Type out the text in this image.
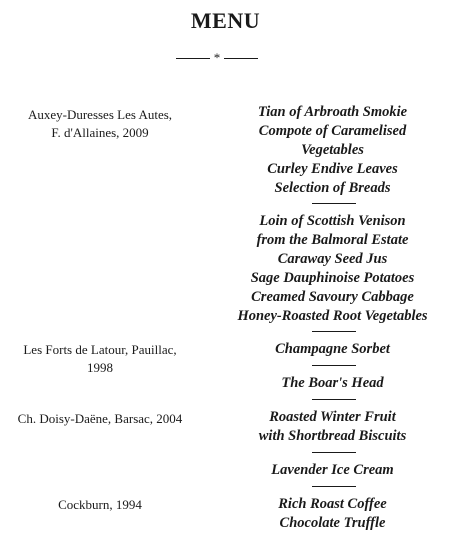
MENU
*
Auxey-Duresses Les Autes,
F. d'Allaines, 2009
Les Forts de Latour, Pauillac,
1998
Ch. Doisy-Daëne, Barsac, 2004
Cockburn, 1994
Tian of Arbroath Smokie
Compote of Caramelised
Vegetables
Curley Endive Leaves
Selection of Breads
Loin of Scottish Venison
from the Balmoral Estate
Caraway Seed Jus
Sage Dauphinoise Potatoes
Creamed Savoury Cabbage
Honey-Roasted Root Vegetables
Champagne Sorbet
The Boar's Head
Roasted Winter Fruit
with Shortbread Biscuits
Lavender Ice Cream
Rich Roast Coffee
Chocolate Truffle
